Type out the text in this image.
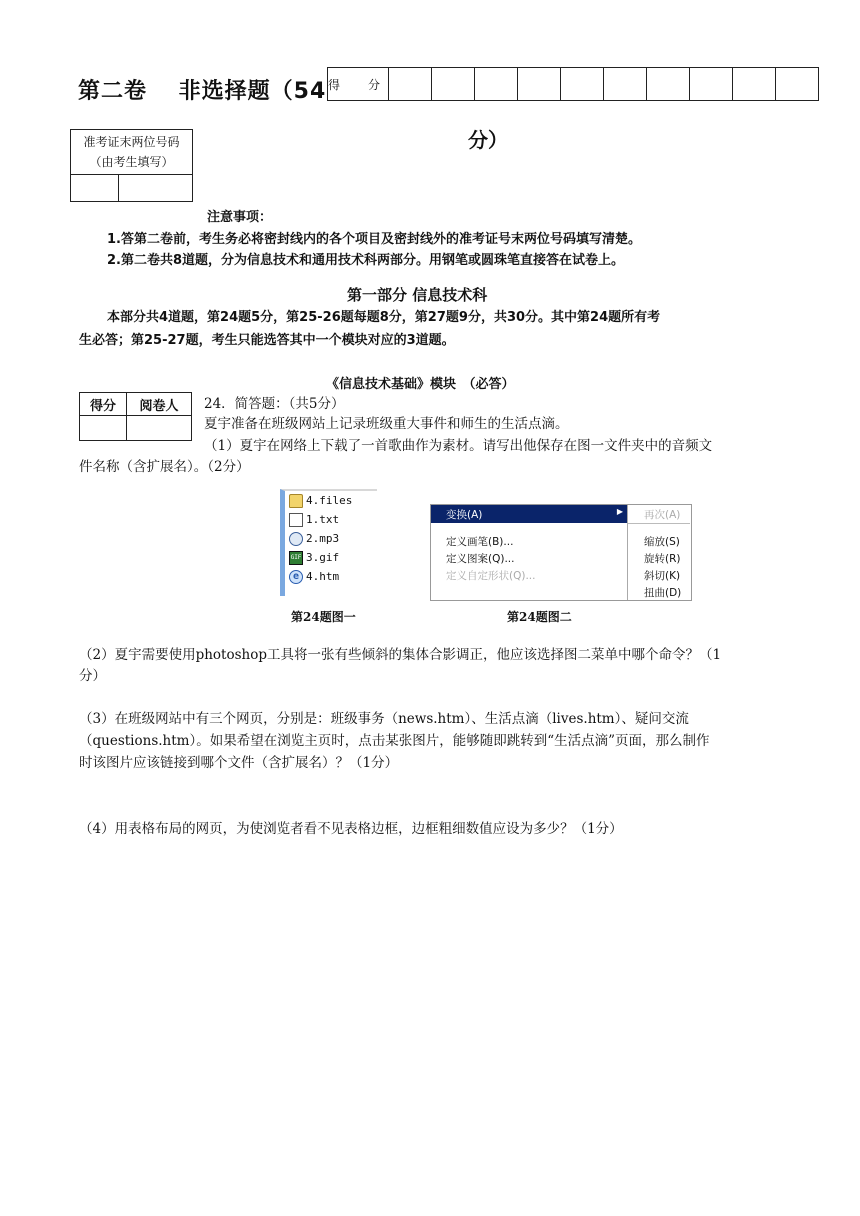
第二卷　 非选择题（54
分）
得　分										
准考证末两位号码
（由考生填写）

注意事项：
1.答第二卷前，考生务必将密封线内的各个项目及密封线外的准考证号末两位号码填写清楚。
2.第二卷共8道题，分为信息技术和通用技术科两部分。用钢笔或圆珠笔直接答在试卷上。
第一部分 信息技术科
本部分共4道题，第24题5分，第25-26题每题8分，第27题9分，共30分。其中第24题所有考
生必答；第25-27题，考生只能选答其中一个模块对应的3道题。
《信息技术基础》模块　（必答）
得分	阅卷人
	24．简答题：（共5分）
夏宇准备在班级网站上记录班级重大事件和师生的生活点滴。
（1）夏宇在网络上下载了一首歌曲作为素材。请写出他保存在图一文件夹中的音频文
件名称（含扩展名）。（2分）
4.files
1.txt
2.mp3
GIF 3.gif
e 4.htm
第24题图一
变换(A)	▶
定义画笔(B)...
定义图案(Q)...
定义自定形状(Q)...
再次(A)
缩放(S)
旋转(R)
斜切(K)
扭曲(D)
第24题图二
（2）夏宇需要使用photoshop工具将一张有些倾斜的集体合影调正，他应该选择图二菜单中哪个命令？（1
分）
（3）在班级网站中有三个网页，分别是：班级事务（news.htm）、生活点滴（lives.htm）、疑问交流
（questions.htm）。如果希望在浏览主页时，点击某张图片，能够随即跳转到“生活点滴”页面，那么制作
时该图片应该链接到哪个文件（含扩展名）？（1分）
（4）用表格布局的网页，为使浏览者看不见表格边框，边框粗细数值应设为多少？（1分）
